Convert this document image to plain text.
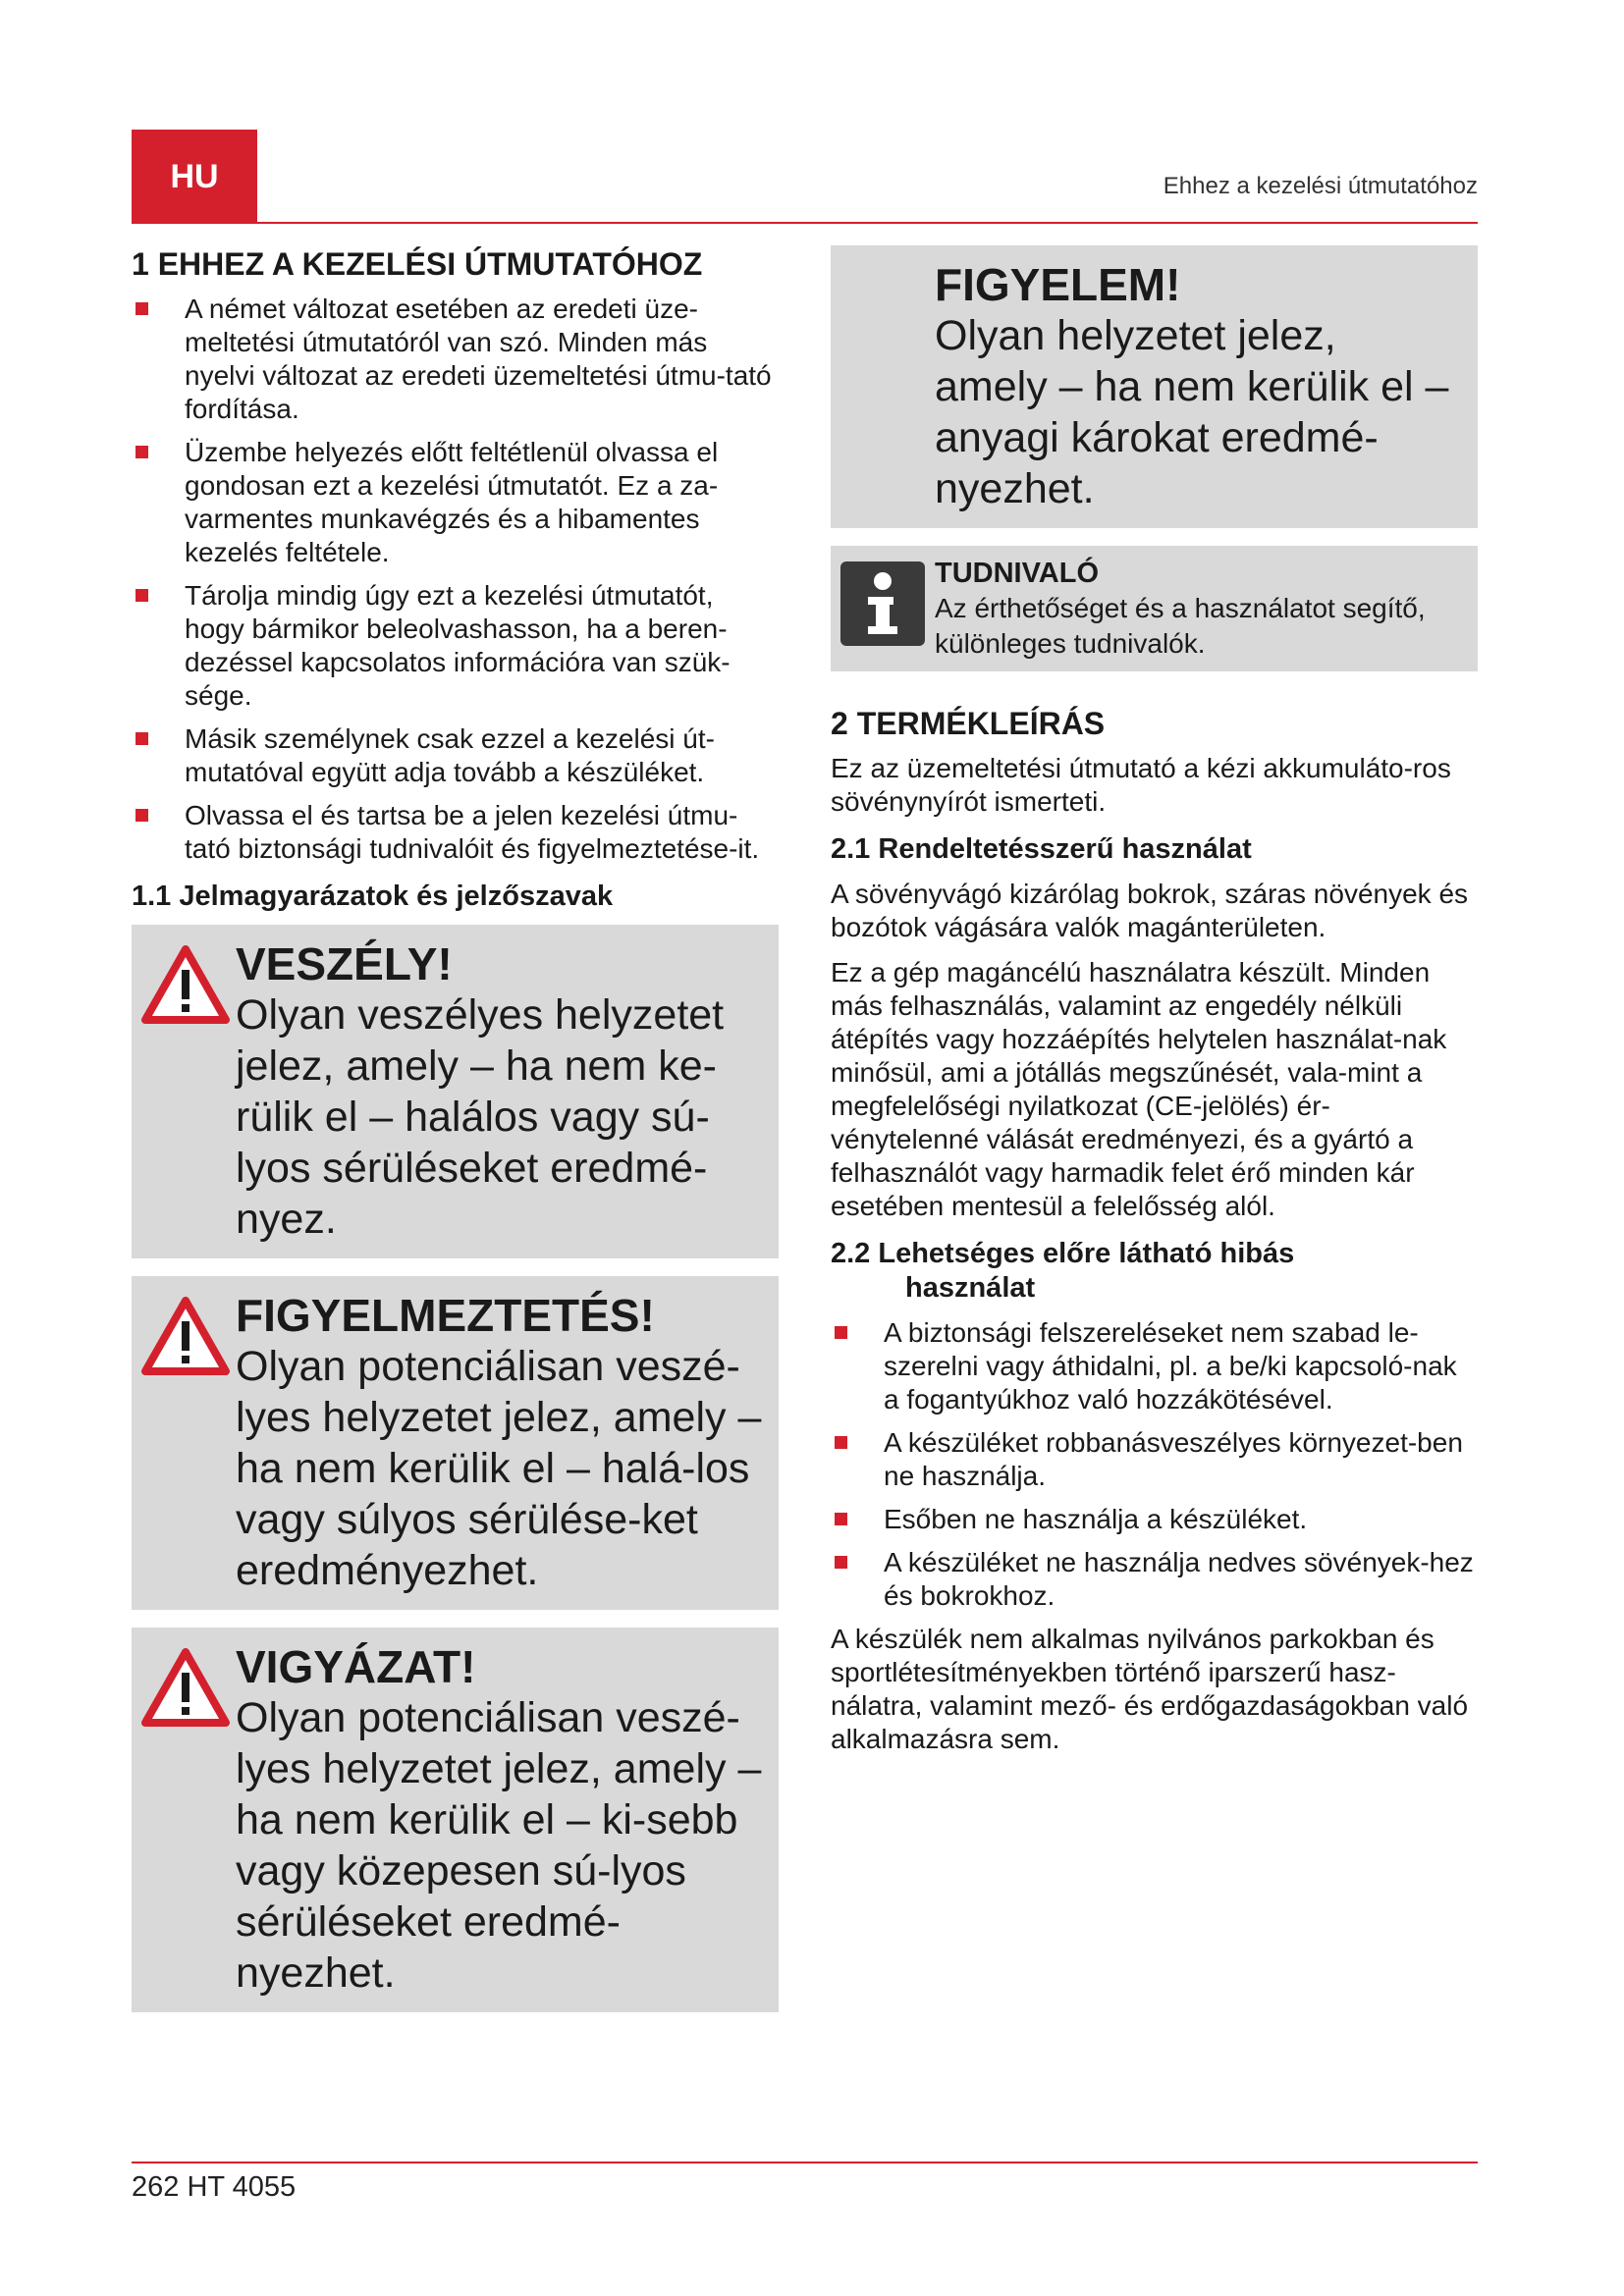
HU	Ehhez a kezelési útmutatóhoz
1 EHHEZ A KEZELÉSI ÚTMUTATÓHOZ
A német változat esetében az eredeti üze-meltetési útmutatóról van szó. Minden más nyelvi változat az eredeti üzemeltetési útmu-tató fordítása.
Üzembe helyezés előtt feltétlenül olvassa el gondosan ezt a kezelési útmutatót. Ez a za-varmentes munkavégzés és a hibamentes kezelés feltétele.
Tárolja mindig úgy ezt a kezelési útmutatót, hogy bármikor beleolvashasson, ha a beren-dezéssel kapcsolatos információra van szük-sége.
Másik személynek csak ezzel a kezelési út-mutatóval együtt adja tovább a készüléket.
Olvassa el és tartsa be a jelen kezelési útmu-tató biztonsági tudnivalóit és figyelmeztetése-it.
1.1 Jelmagyarázatok és jelzőszavak
VESZÉLY!
Olyan veszélyes helyzetet jelez, amely – ha nem ke-rülik el – halálos vagy sú-lyos sérüléseket eredmé-nyez.
FIGYELMEZTETÉS!
Olyan potenciálisan veszé-lyes helyzetet jelez, amely – ha nem kerülik el – halá-los vagy súlyos sérülése-ket eredményezhet.
VIGYÁZAT!
Olyan potenciálisan veszé-lyes helyzetet jelez, amely – ha nem kerülik el – ki-sebb vagy közepesen sú-lyos sérüléseket eredmé-nyezhet.
FIGYELEM!
Olyan helyzetet jelez, amely – ha nem kerülik el – anyagi károkat eredmé-nyezhet.
TUDNIVALÓ
Az érthetőséget és a használatot segítő, különleges tudnivalók.
2 TERMÉKLEÍRÁS

Ez az üzemeltetési útmutató a kézi akkumuláto-ros sövénynyírót ismerteti.

2.1 Rendeltetésszerű használat

A sövényvágó kizárólag bokrok, száras növények és bozótok vágására valók magánterületen.

Ez a gép magáncélú használatra készült. Minden más felhasználás, valamint az engedély nélküli átépítés vagy hozzáépítés helytelen használat-nak minősül, ami a jótállás megszűnését, vala-mint a megfelelőségi nyilatkozat (CE-jelölés) ér-vénytelenné válását eredményezi, és a gyártó a felhasználót vagy harmadik felet érő minden kár esetében mentesül a felelősség alól.

2.2 Lehetséges előre látható hibás
használat
A biztonsági felszereléseket nem szabad le-szerelni vagy áthidalni, pl. a be/ki kapcsoló-nak a fogantyúkhoz való hozzákötésével.
A készüléket robbanásveszélyes környezet-ben ne használja.
Esőben ne használja a készüléket.
A készüléket ne használja nedves sövények-hez és bokrokhoz.

A készülék nem alkalmas nyilvános parkokban és sportlétesítményekben történő iparszerű hasz-nálatra, valamint mező- és erdőgazdaságokban való alkalmazásra sem.

262 HT 4055
